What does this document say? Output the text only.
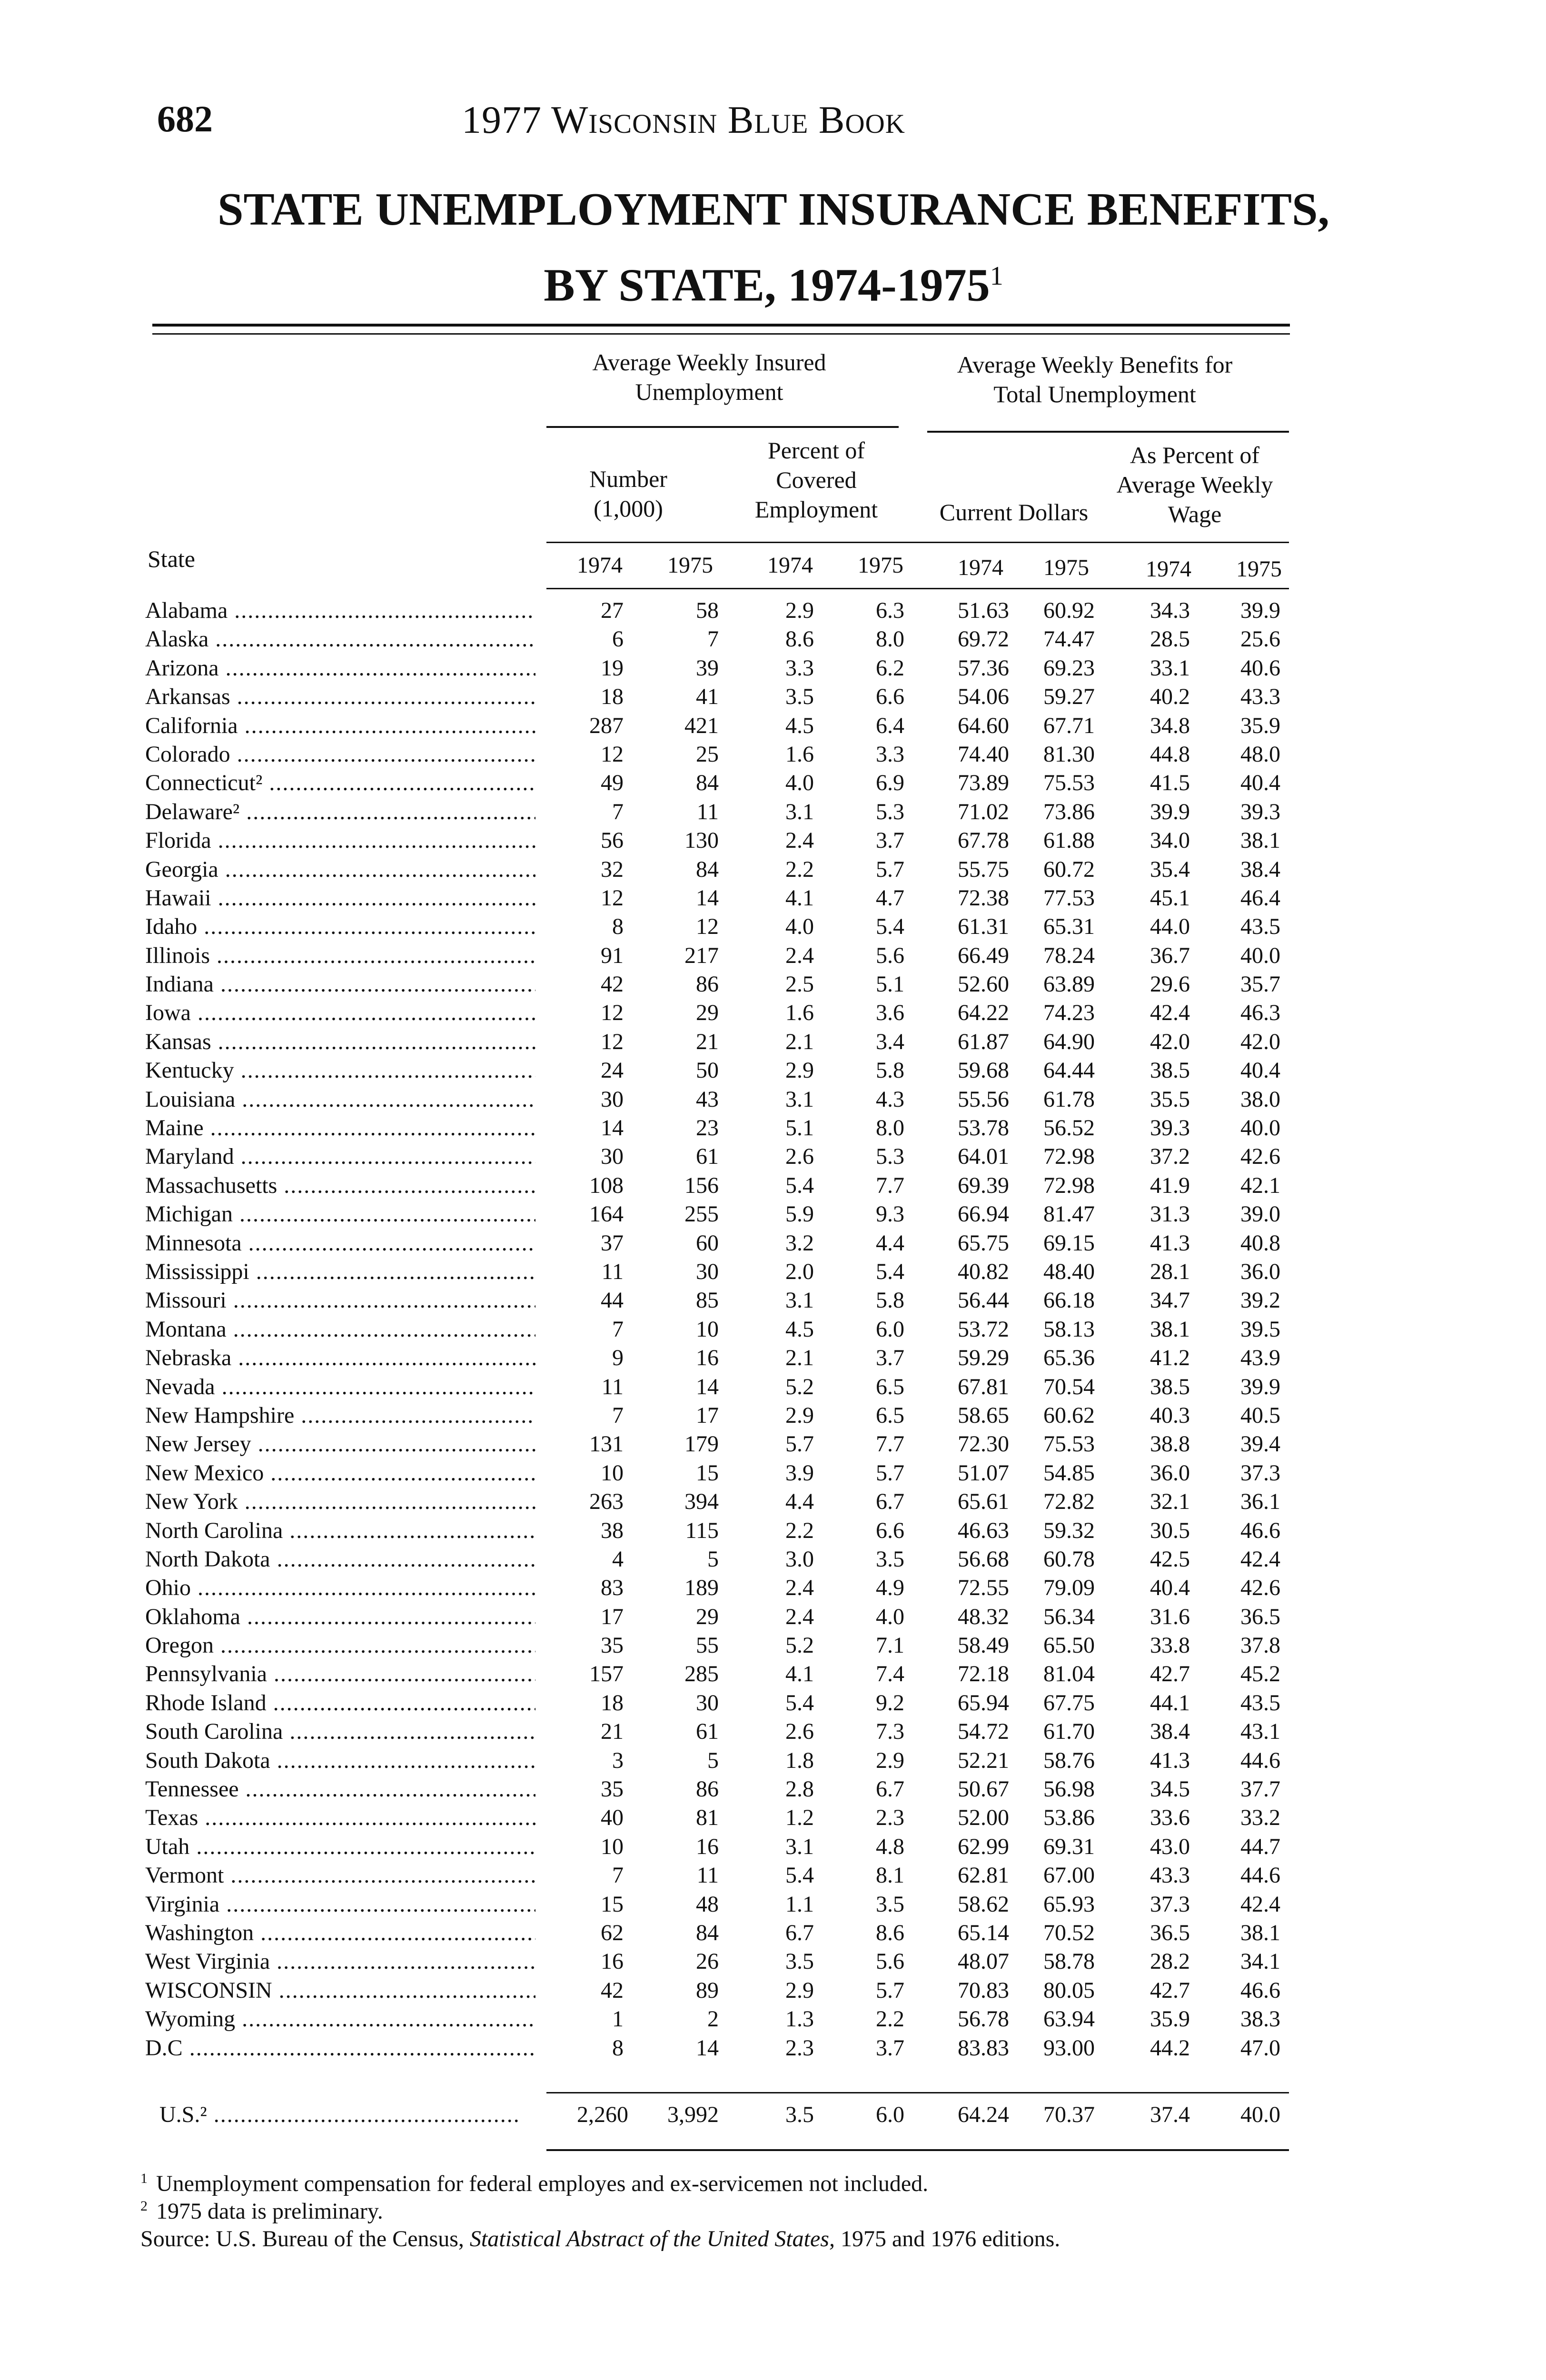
682	1977 Wisconsin Blue Book
STATE UNEMPLOYMENT INSURANCE BENEFITS,
BY STATE, 1974-1975$^1$
Average Weekly Insured Unemployment
Average Weekly Benefits for Total Unemployment
Number (1,000)
Percent of Covered Employment	Current Dollars
As Percent of Average Weekly Wage
State	1974	1975	1974	1975	1974	1975	1974	1975
Alabama .....	27	58	2.9	6.3	51.63	60.92	34.3	39.9
Alaska .....	6	7	8.6	8.0	69.72	74.47	28.5	25.6
Arizona .....	19	39	3.3	6.2	57.36	69.23	33.1	40.6
Arkansas .....	18	41	3.5	6.6	54.06	59.27	40.2	43.3
California .....	287	421	4.5	6.4	64.60	67.71	34.8	35.9
Colorado .....	12	25	1.6	3.3	74.40	81.30	44.8	48.0
Connecticut² .....	49	84	4.0	6.9	73.89	75.53	41.5	40.4
Delaware² .....	7	11	3.1	5.3	71.02	73.86	39.9	39.3
Florida .....	56	130	2.4	3.7	67.78	61.88	34.0	38.1
Georgia .....	32	84	2.2	5.7	55.75	60.72	35.4	38.4
Hawaii .....	12	14	4.1	4.7	72.38	77.53	45.1	46.4
Idaho .....	8	12	4.0	5.4	61.31	65.31	44.0	43.5
Illinois .....	91	217	2.4	5.6	66.49	78.24	36.7	40.0
Indiana .....	42	86	2.5	5.1	52.60	63.89	29.6	35.7
Iowa .....	12	29	1.6	3.6	64.22	74.23	42.4	46.3
Kansas .....	12	21	2.1	3.4	61.87	64.90	42.0	42.0
Kentucky .....	24	50	2.9	5.8	59.68	64.44	38.5	40.4
Louisiana .....	30	43	3.1	4.3	55.56	61.78	35.5	38.0
Maine .....	14	23	5.1	8.0	53.78	56.52	39.3	40.0
Maryland .....	30	61	2.6	5.3	64.01	72.98	37.2	42.6
Massachusetts .....	108	156	5.4	7.7	69.39	72.98	41.9	42.1
Michigan .....	164	255	5.9	9.3	66.94	81.47	31.3	39.0
Minnesota .....	37	60	3.2	4.4	65.75	69.15	41.3	40.8
Mississippi .....	11	30	2.0	5.4	40.82	48.40	28.1	36.0
Missouri .....	44	85	3.1	5.8	56.44	66.18	34.7	39.2
Montana .....	7	10	4.5	6.0	53.72	58.13	38.1	39.5
Nebraska .....	9	16	2.1	3.7	59.29	65.36	41.2	43.9
Nevada .....	11	14	5.2	6.5	67.81	70.54	38.5	39.9
New Hampshire .....	7	17	2.9	6.5	58.65	60.62	40.3	40.5
New Jersey .....	131	179	5.7	7.7	72.30	75.53	38.8	39.4
New Mexico .....	10	15	3.9	5.7	51.07	54.85	36.0	37.3
New York .....	263	394	4.4	6.7	65.61	72.82	32.1	36.1
North Carolina .....	38	115	2.2	6.6	46.63	59.32	30.5	46.6
North Dakota .....	4	5	3.0	3.5	56.68	60.78	42.5	42.4
Ohio .....	83	189	2.4	4.9	72.55	79.09	40.4	42.6
Oklahoma .....	17	29	2.4	4.0	48.32	56.34	31.6	36.5
Oregon .....	35	55	5.2	7.1	58.49	65.50	33.8	37.8
Pennsylvania .....	157	285	4.1	7.4	72.18	81.04	42.7	45.2
Rhode Island .....	18	30	5.4	9.2	65.94	67.75	44.1	43.5
South Carolina .....	21	61	2.6	7.3	54.72	61.70	38.4	43.1
South Dakota .....	3	5	1.8	2.9	52.21	58.76	41.3	44.6
Tennessee .....	35	86	2.8	6.7	50.67	56.98	34.5	37.7
Texas .....	40	81	1.2	2.3	52.00	53.86	33.6	33.2
Utah .....	10	16	3.1	4.8	62.99	69.31	43.0	44.7
Vermont .....	7	11	5.4	8.1	62.81	67.00	43.3	44.6
Virginia .....	15	48	1.1	3.5	58.62	65.93	37.3	42.4
Washington .....	62	84	6.7	8.6	65.14	70.52	36.5	38.1
West Virginia .....	16	26	3.5	5.6	48.07	58.78	28.2	34.1
WISCONSIN .....	42	89	2.9	5.7	70.83	80.05	42.7	46.6
Wyoming .....	1	2	1.3	2.2	56.78	63.94	35.9	38.3
D.C .....	8	14	2.3	3.7	83.83	93.00	44.2	47.0
U.S.² .....	2,260	3,992	3.5	6.0	64.24	70.37	37.4	40.0
$^1$ Unemployment compensation for federal employes and ex-servicemen not included.
$^2$ 1975 data is preliminary.
Source: U.S. Bureau of the Census, Statistical Abstract of the United States, 1975 and 1976 editions.
